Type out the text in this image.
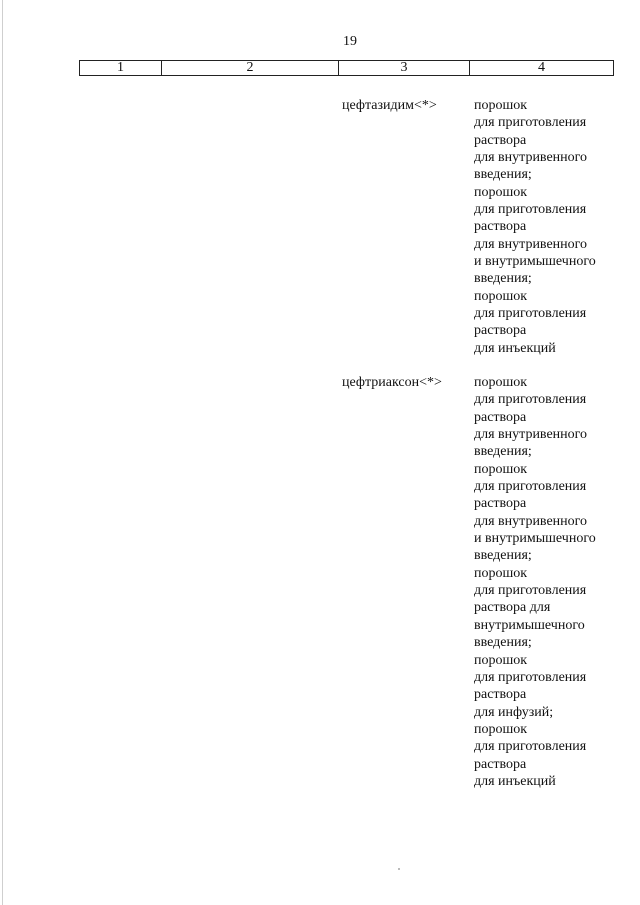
19
1	2	3	4
цефтазидим<*>	порошок
для приготовления
раствора
для внутривенного
введения;
порошок
для приготовления
раствора
для внутривенного
и внутримышечного
введения;
порошок
для приготовления
раствора
для инъекций
цефтриаксон<*> порошок
для приготовления
раствора
для внутривенного
введения;
порошок
для приготовления
раствора
для внутривенного
и внутримышечного
введения;
порошок
для приготовления
раствора для
внутримышечного
введения;
порошок
для приготовления
раствора
для инфузий;
порошок
для приготовления
раствора
для инъекций
